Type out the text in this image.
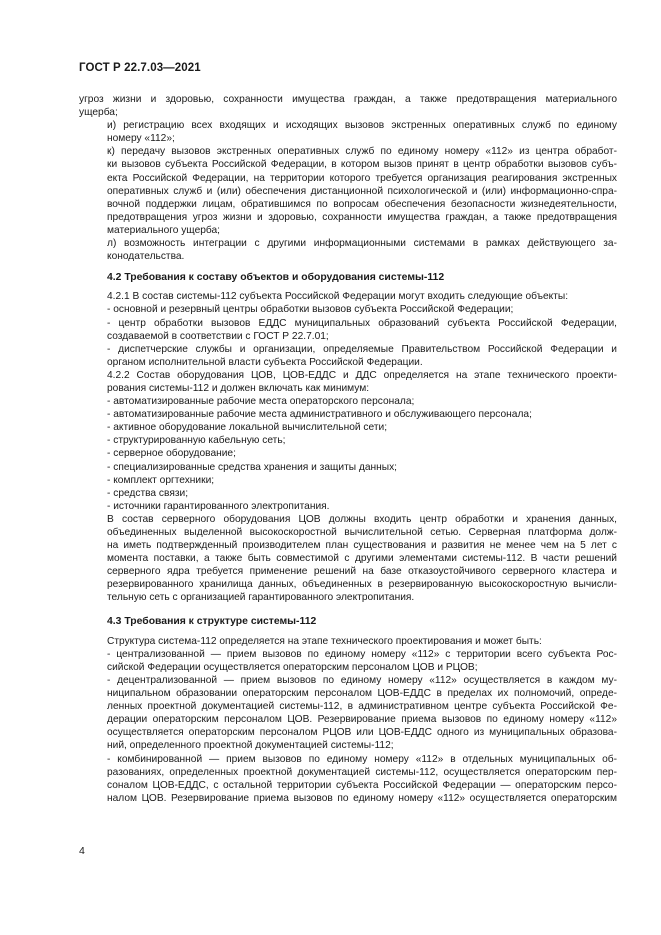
ГОСТ Р 22.7.03—2021

угроз жизни и здоровью, сохранности имущества граждан, а также предотвращения материального
ущерба;

и) регистрацию всех входящих и исходящих вызовов экстренных оперативных служб по единому
номеру «112»;

к) передачу вызовов экстренных оперативных служб по единому номеру «112» из центра обработ-
ки вызовов субъекта Российской Федерации, в котором вызов принят в центр обработки вызовов субъ-
екта Российской Федерации, на территории которого требуется организация реагирования экстренных
оперативных служб и (или) обеспечения дистанционной психологической и (или) информационно-спра-
вочной поддержки лицам, обратившимся по вопросам обеспечения безопасности жизнедеятельности,
предотвращения угроз жизни и здоровью, сохранности имущества граждан, а также предотвращения
материального ущерба;

л) возможность интеграции с другими информационными системами в рамках действующего за-
конодательства.

4.2 Требования к составу объектов и оборудования системы-112

4.2.1 В состав системы-112 субъекта Российской Федерации могут входить следующие объекты:

- основной и резервный центры обработки вызовов субъекта Российской Федерации;

- центр обработки вызовов ЕДДС муниципальных образований субъекта Российской Федерации,
создаваемой в соответствии с ГОСТ Р 22.7.01;

- диспетчерские службы и организации, определяемые Правительством Российской Федерации и
органом исполнительной власти субъекта Российской Федерации.

4.2.2 Состав оборудования ЦОВ, ЦОВ-ЕДДС и ДДС определяется на этапе технического проекти-
рования системы-112 и должен включать как минимум:

- автоматизированные рабочие места операторского персонала;

- автоматизированные рабочие места административного и обслуживающего персонала;

- активное оборудование локальной вычислительной сети;

- структурированную кабельную сеть;

- серверное оборудование;

- специализированные средства хранения и защиты данных;

- комплект оргтехники;

- средства связи;

- источники гарантированного электропитания.

В состав серверного оборудования ЦОВ должны входить центр обработки и хранения данных,
объединенных выделенной высокоскоростной вычислительной сетью. Серверная платформа долж-
на иметь подтвержденный производителем план существования и развития не менее чем на 5 лет с
момента поставки, а также быть совместимой с другими элементами системы-112. В части решений
серверного ядра требуется применение решений на базе отказоустойчивого серверного кластера и
резервированного хранилища данных, объединенных в резервированную высокоскоростную вычисли-
тельную сеть с организацией гарантированного электропитания.

4.3 Требования к структуре системы-112

Структура система-112 определяется на этапе технического проектирования и может быть:

- централизованной — прием вызовов по единому номеру «112» с территории всего субъекта Рос-
сийской Федерации осуществляется операторским персоналом ЦОВ и РЦОВ;

- децентрализованной — прием вызовов по единому номеру «112» осуществляется в каждом му-
ниципальном образовании операторским персоналом ЦОВ-ЕДДС в пределах их полномочий, опреде-
ленных проектной документацией системы-112, в административном центре субъекта Российской Фе-
дерации операторским персоналом ЦОВ. Резервирование приема вызовов по единому номеру «112»
осуществляется операторским персоналом РЦОВ или ЦОВ-ЕДДС одного из муниципальных образова-
ний, определенного проектной документацией системы-112;

- комбинированной — прием вызовов по единому номеру «112» в отдельных муниципальных об-
разованиях, определенных проектной документацией системы-112, осуществляется операторским пер-
соналом ЦОВ-ЕДДС, с остальной территории субъекта Российской Федерации — операторским персо-
налом ЦОВ. Резервирование приема вызовов по единому номеру «112» осуществляется операторским

4
